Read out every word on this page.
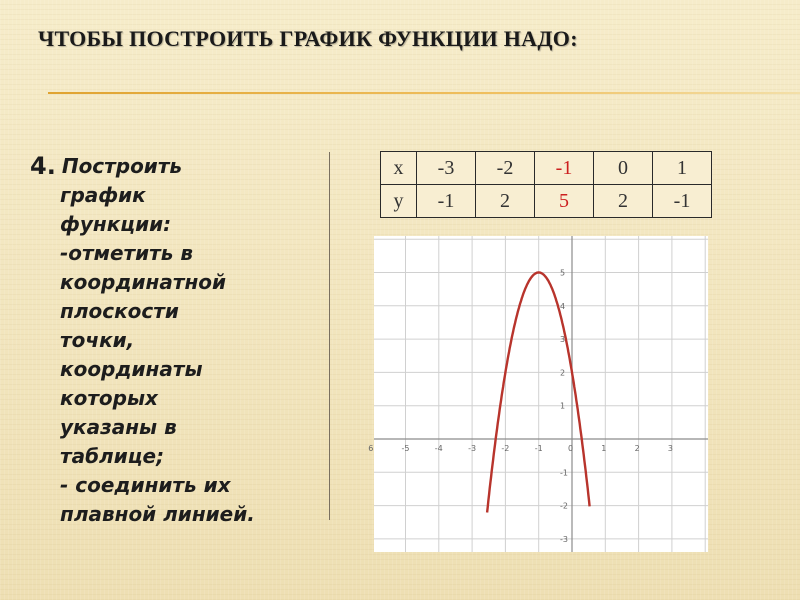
ЧТОБЫ ПОСТРОИТЬ ГРАФИК ФУНКЦИИ НАДО:
4. Построить
график
функции:
-отметить в
координатной
плоскости
точки,
координаты
которых
указаны в
таблице;
- соединить их
плавной линией.
x	-3	-2	-1	0	1
y	-1	2	5	2	-1
6	-5	-4	-3	-2	-1	0	1	2	3
5
4
3
2
1
-1
-2
-3
